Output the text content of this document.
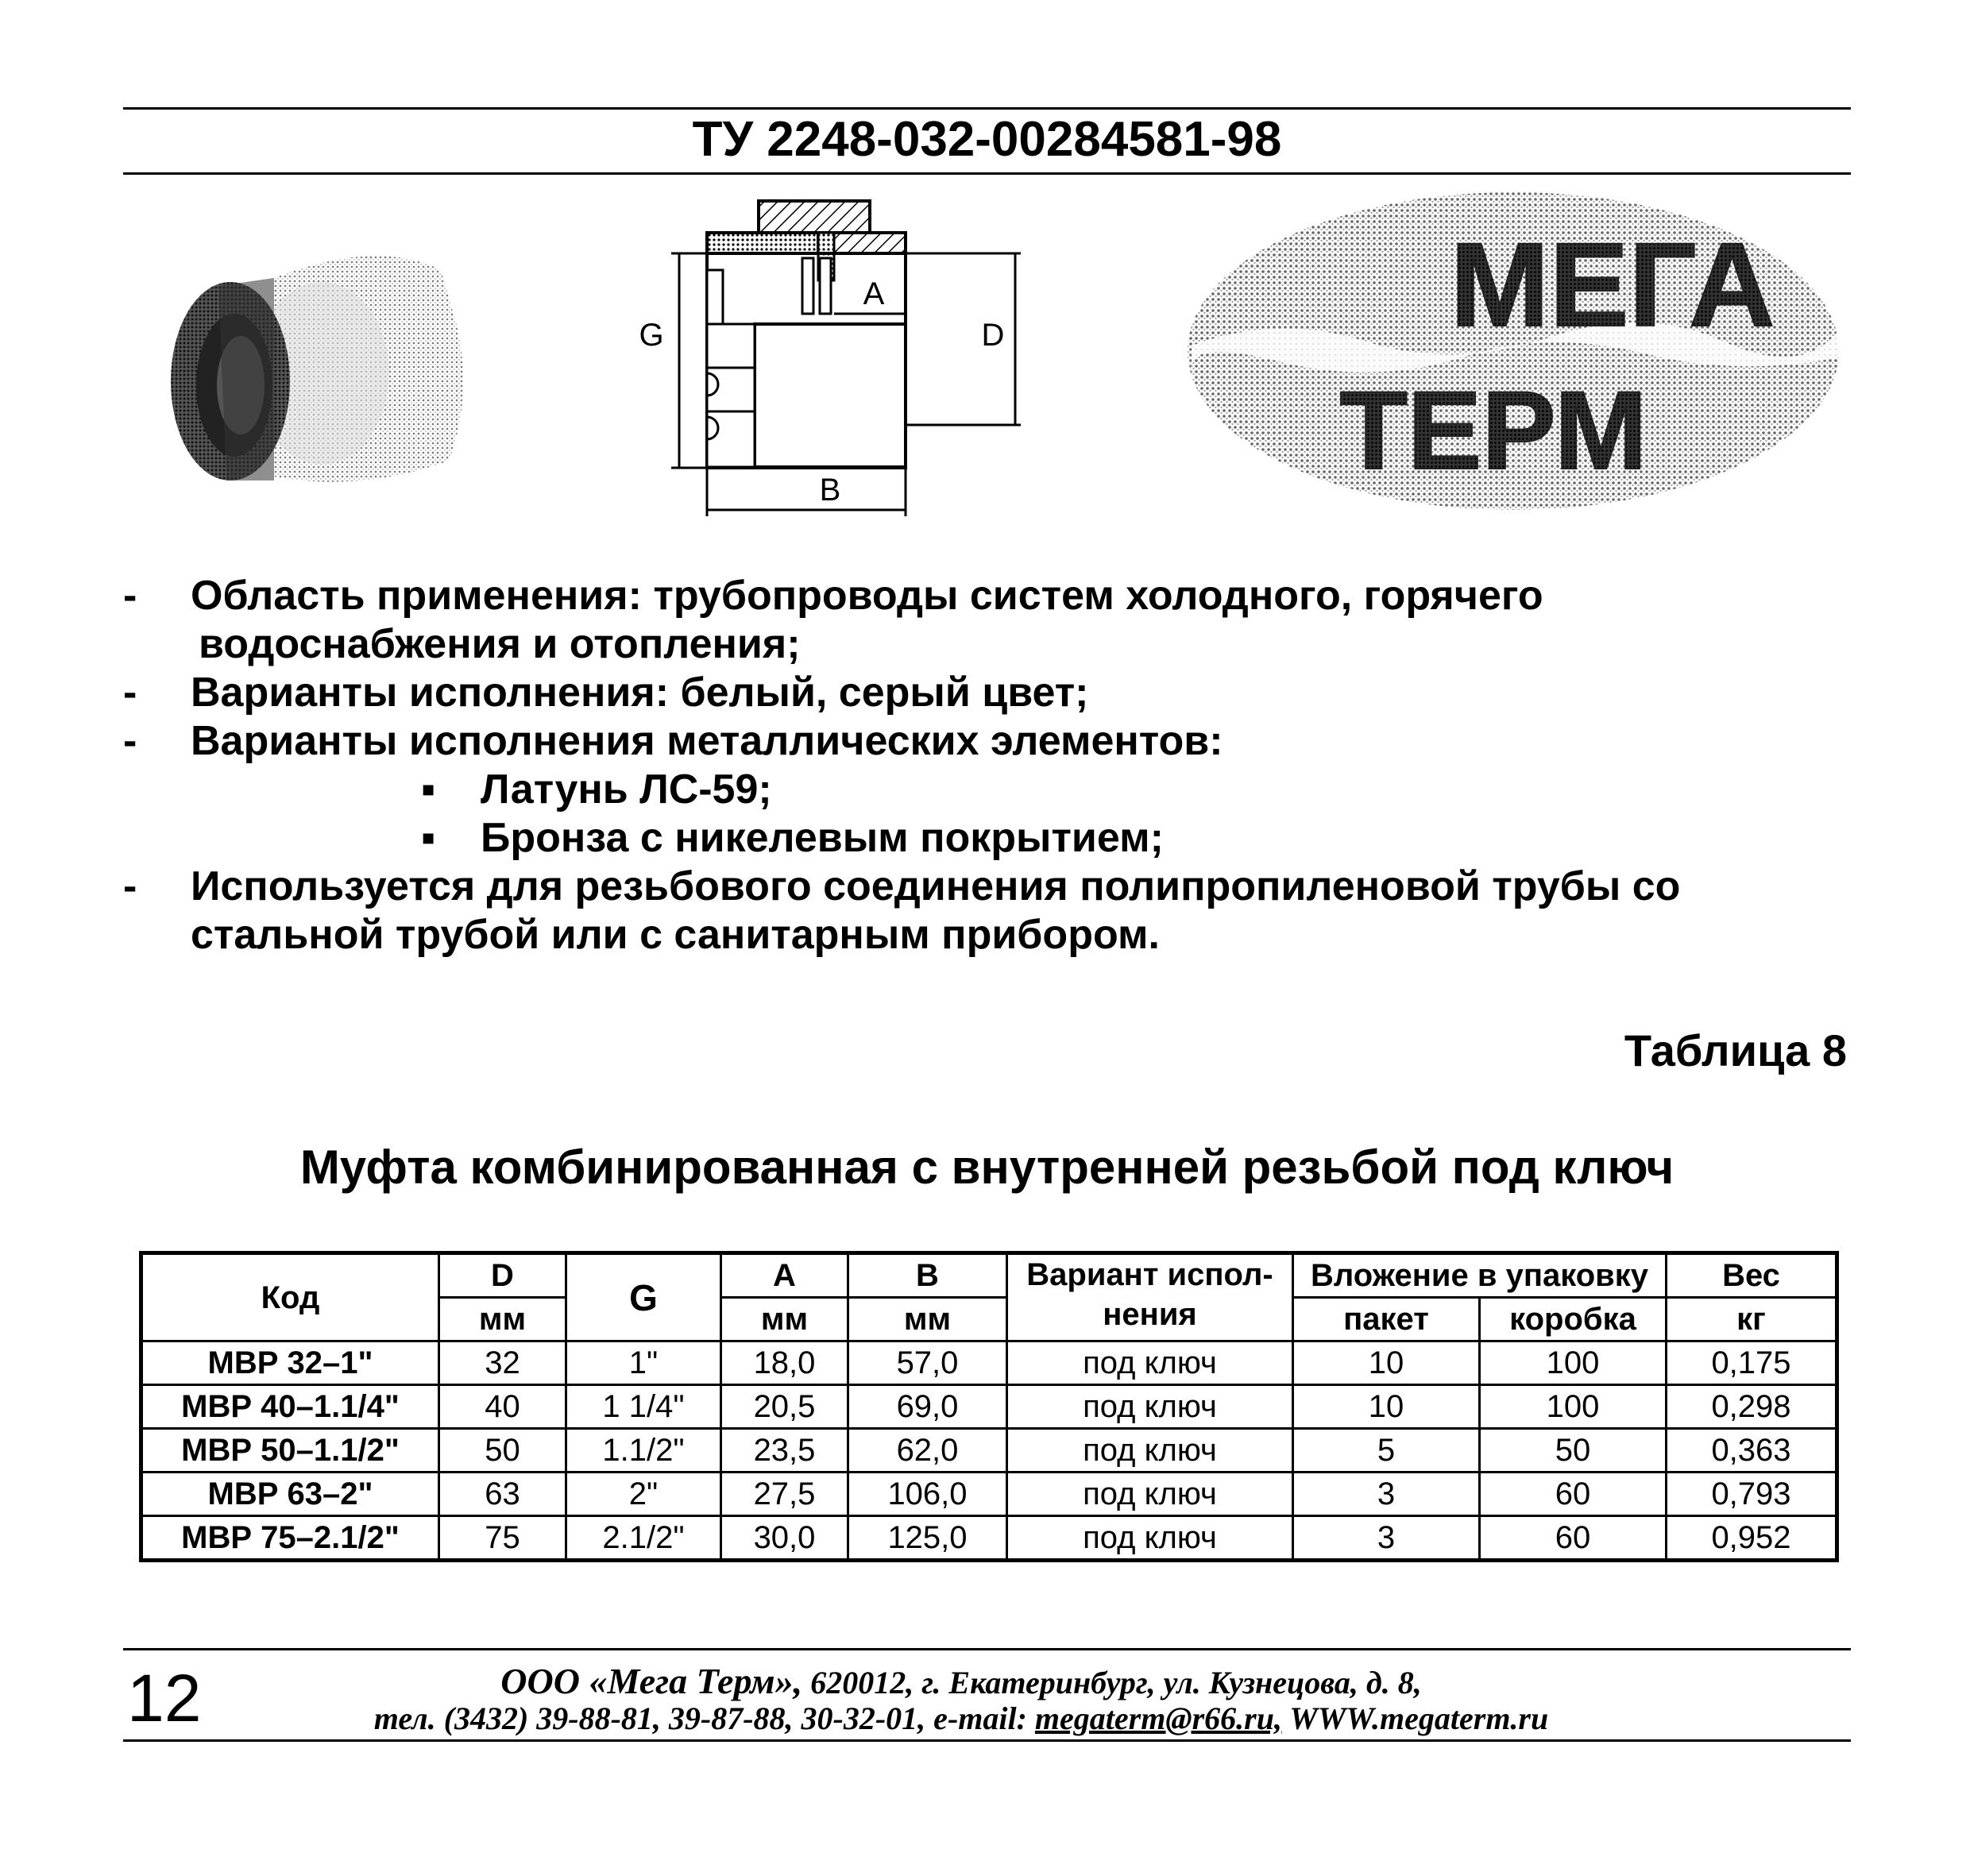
ТУ 2248-032-00284581-98
A
G	D
B
МЕГА
ТЕРМ
- Область применения: трубопроводы систем холодного, горячего
водоснабжения и отопления;
- Варианты исполнения: белый, серый цвет;
- Варианты исполнения металлических элементов:
▪ Латунь ЛС-59;
▪ Бронза с никелевым покрытием;
- Используется для резьбового соединения полипропиленовой трубы со
стальной трубой или с санитарным прибором.
Таблица 8
Муфта комбинированная с внутренней резьбой под ключ
Код	D	G	A	B	Вариант испол-
нения	Вложение в упаковку		Вес
	мм		мм	мм		пакет	коробка	кг
МВР 32–1"	32	1"	18,0	57,0	под ключ	10	100	0,175
МВР 40–1.1/4"	40	1 1/4"	20,5	69,0	под ключ	10	100	0,298
МВР 50–1.1/2"	50	1.1/2"	23,5	62,0	под ключ	5	50	0,363
МВР 63–2"	63	2"	27,5	106,0	под ключ	3	60	0,793
МВР 75–2.1/2"	75	2.1/2"	30,0	125,0	под ключ	3	60	0,952
12	ООО «Мега Терм», 620012, г. Екатеринбург, ул. Кузнецова, д. 8,
тел. (3432) 39-88-81, 39-87-88, 30-32-01, e-mail: megaterm@r66.ru, WWW.megaterm.ru
